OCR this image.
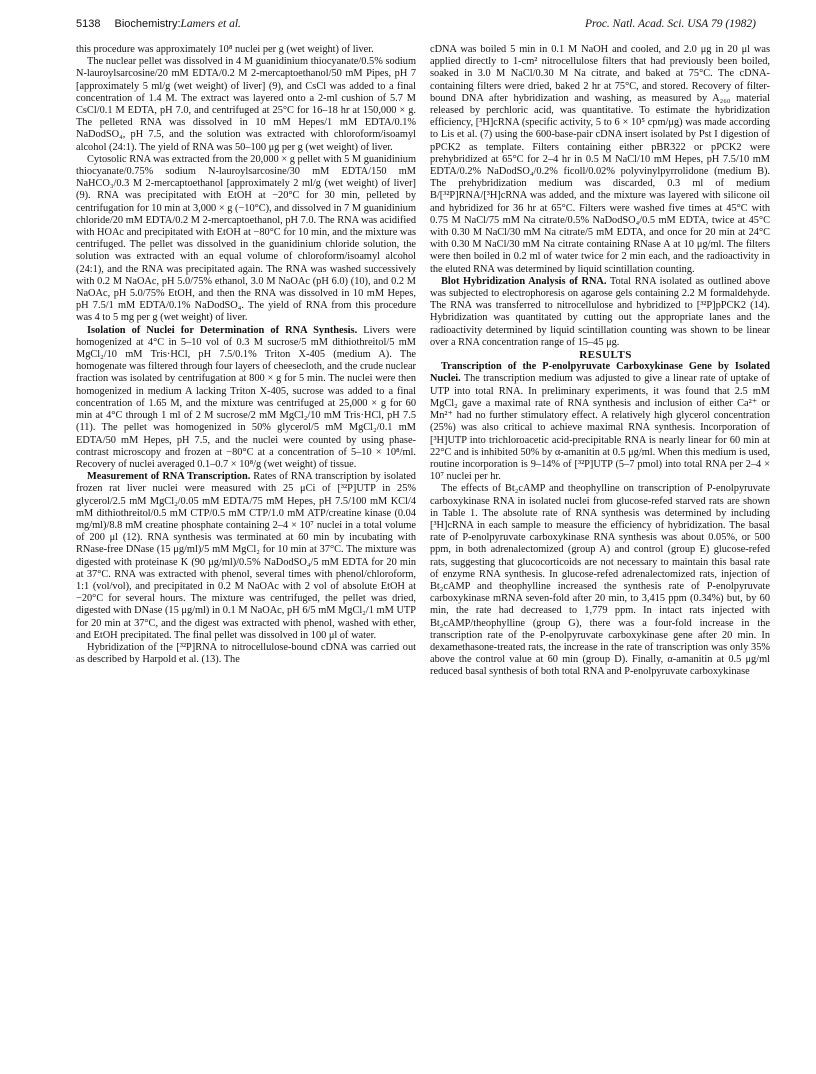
5138 Biochemistry: Lamers et al.	Proc. Natl. Acad. Sci. USA 79 (1982)

this procedure was approximately 10⁸ nuclei per g (wet weight) of liver.

The nuclear pellet was dissolved in 4 M guanidinium thiocyanate/0.5% sodium N-lauroylsarcosine/20 mM EDTA/0.2 M 2-mercaptoethanol/50 mM Pipes, pH 7 [approximately 5 ml/g (wet weight) of liver] (9), and CsCl was added to a final concentration of 1.4 M. The extract was layered onto a 2-ml cushion of 5.7 M CsCl/0.1 M EDTA, pH 7.0, and centrifuged at 25°C for 16–18 hr at 150,000 × g. The pelleted RNA was dissolved in 10 mM Hepes/1 mM EDTA/0.1% NaDodSO₄, pH 7.5, and the solution was extracted with chloroform/isoamyl alcohol (24:1). The yield of RNA was 50–100 μg per g (wet weight) of liver.

Cytosolic RNA was extracted from the 20,000 × g pellet with 5 M guanidinium thiocyanate/0.75% sodium N-lauroylsarcosine/30 mM EDTA/150 mM NaHCO₃/0.3 M 2-mercaptoethanol [approximately 2 ml/g (wet weight) of liver] (9). RNA was precipitated with EtOH at −20°C for 30 min, pelleted by centrifugation for 10 min at 3,000 × g (−10°C), and dissolved in 7 M guanidinium chloride/20 mM EDTA/0.2 M 2-mercaptoethanol, pH 7.0. The RNA was acidified with HOAc and precipitated with EtOH at −80°C for 10 min, and the mixture was centrifuged. The pellet was dissolved in the guanidinium chloride solution, the solution was extracted with an equal volume of chloroform/isoamyl alcohol (24:1), and the RNA was precipitated again. The RNA was washed successively with 0.2 M NaOAc, pH 5.0/75% ethanol, 3.0 M NaOAc (pH 6.0) (10), and 0.2 M NaOAc, pH 5.0/75% EtOH, and then the RNA was dissolved in 10 mM Hepes, pH 7.5/1 mM EDTA/0.1% NaDodSO₄. The yield of RNA from this procedure was 4 to 5 mg per g (wet weight) of liver.

Isolation of Nuclei for Determination of RNA Synthesis. Livers were homogenized at 4°C in 5–10 vol of 0.3 M sucrose/5 mM dithiothreitol/5 mM MgCl₂/10 mM Tris·HCl, pH 7.5/0.1% Triton X-405 (medium A). The homogenate was filtered through four layers of cheesecloth, and the crude nuclear fraction was isolated by centrifugation at 800 × g for 5 min. The nuclei were then homogenized in medium A lacking Triton X-405, sucrose was added to a final concentration of 1.65 M, and the mixture was centrifuged at 25,000 × g for 60 min at 4°C through 1 ml of 2 M sucrose/2 mM MgCl₂/10 mM Tris·HCl, pH 7.5 (11). The pellet was homogenized in 50% glycerol/5 mM MgCl₂/0.1 mM EDTA/50 mM Hepes, pH 7.5, and the nuclei were counted by using phase-contrast microscopy and frozen at −80°C at a concentration of 5–10 × 10⁸/ml. Recovery of nuclei averaged 0.1–0.7 × 10⁸/g (wet weight) of tissue.

Measurement of RNA Transcription. Rates of RNA transcription by isolated frozen rat liver nuclei were measured with 25 μCi of [³²P]UTP in 25% glycerol/2.5 mM MgCl₂/0.05 mM EDTA/75 mM Hepes, pH 7.5/100 mM KCl/4 mM dithiothreitol/0.5 mM CTP/0.5 mM CTP/1.0 mM ATP/creatine kinase (0.04 mg/ml)/8.8 mM creatine phosphate containing 2–4 × 10⁷ nuclei in a total volume of 200 μl (12). RNA synthesis was terminated at 60 min by incubating with RNase-free DNase (15 μg/ml)/5 mM MgCl₂ for 10 min at 37°C. The mixture was digested with proteinase K (90 μg/ml)/0.5% NaDodSO₄/5 mM EDTA for 20 min at 37°C. RNA was extracted with phenol, several times with phenol/chloroform, 1:1 (vol/vol), and precipitated in 0.2 M NaOAc with 2 vol of absolute EtOH at −20°C for several hours. The mixture was centrifuged, the pellet was dried, digested with DNase (15 μg/ml) in 0.1 M NaOAc, pH 6/5 mM MgCl₂/1 mM UTP for 20 min at 37°C, and the digest was extracted with phenol, washed with ether, and EtOH precipitated. The final pellet was dissolved in 100 μl of water.

Hybridization of the [³²P]RNA to nitrocellulose-bound cDNA was carried out as described by Harpold et al. (13). The

cDNA was boiled 5 min in 0.1 M NaOH and cooled, and 2.0 μg in 20 μl was applied directly to 1-cm² nitrocellulose filters that had previously been boiled, soaked in 3.0 M NaCl/0.30 M Na citrate, and baked at 75°C. The cDNA-containing filters were dried, baked 2 hr at 75°C, and stored. Recovery of filter-bound DNA after hybridization and washing, as measured by A₂₆₀ material released by perchloric acid, was quantitative. To estimate the hybridization efficiency, [³H]cRNA (specific activity, 5 to 6 × 10⁵ cpm/μg) was made according to Lis et al. (7) using the 600-base-pair cDNA insert isolated by Pst I digestion of pPCK2 as template. Filters containing either pBR322 or pPCK2 were prehybridized at 65°C for 2–4 hr in 0.5 M NaCl/10 mM Hepes, pH 7.5/10 mM EDTA/0.2% NaDodSO₄/0.2% ficoll/0.02% polyvinylpyrrolidone (medium B). The prehybridization medium was discarded, 0.3 ml of medium B/[³²P]RNA/[³H]cRNA was added, and the mixture was layered with silicone oil and hybridized for 36 hr at 65°C. Filters were washed five times at 45°C with 0.75 M NaCl/75 mM Na citrate/0.5% NaDodSO₄/0.5 mM EDTA, twice at 45°C with 0.30 M NaCl/30 mM Na citrate/5 mM EDTA, and once for 20 min at 24°C with 0.30 M NaCl/30 mM Na citrate containing RNase A at 10 μg/ml. The filters were then boiled in 0.2 ml of water twice for 2 min each, and the radioactivity in the eluted RNA was determined by liquid scintillation counting.

Blot Hybridization Analysis of RNA. Total RNA isolated as outlined above was subjected to electrophoresis on agarose gels containing 2.2 M formaldehyde. The RNA was transferred to nitrocellulose and hybridized to [³²P]pPCK2 (14). Hybridization was quantitated by cutting out the appropriate lanes and the radioactivity determined by liquid scintillation counting was shown to be linear over a RNA concentration range of 15–45 μg.

RESULTS

Transcription of the P-enolpyruvate Carboxykinase Gene by Isolated Nuclei. The transcription medium was adjusted to give a linear rate of uptake of UTP into total RNA. In preliminary experiments, it was found that 2.5 mM MgCl₂ gave a maximal rate of RNA synthesis and inclusion of either Ca²⁺ or Mn²⁺ had no further stimulatory effect. A relatively high glycerol concentration (25%) was also critical to achieve maximal RNA synthesis. Incorporation of [³H]UTP into trichloroacetic acid-precipitable RNA is nearly linear for 60 min at 22°C and is inhibited 50% by α-amanitin at 0.5 μg/ml. When this medium is used, routine incorporation is 9–14% of [³²P]UTP (5–7 pmol) into total RNA per 2–4 × 10⁷ nuclei per hr.

The effects of Bt₂cAMP and theophylline on transcription of P-enolpyruvate carboxykinase RNA in isolated nuclei from glucose-refed starved rats are shown in Table 1. The absolute rate of RNA synthesis was determined by including [³H]cRNA in each sample to measure the efficiency of hybridization. The basal rate of P-enolpyruvate carboxykinase RNA synthesis was about 0.05%, or 500 ppm, in both adrenalectomized (group A) and control (group E) glucose-refed rats, suggesting that glucocorticoids are not necessary to maintain this basal rate of enzyme RNA synthesis. In glucose-refed adrenalectomized rats, injection of Bt₂cAMP and theophylline increased the synthesis rate of P-enolpyruvate carboxykinase mRNA seven-fold after 20 min, to 3,415 ppm (0.34%) but, by 60 min, the rate had decreased to 1,779 ppm. In intact rats injected with Bt₂cAMP/theophylline (group G), there was a four-fold increase in the transcription rate of the P-enolpyruvate carboxykinase gene after 20 min. In dexamethasone-treated rats, the increase in the rate of transcription was only 35% above the control value at 60 min (group D). Finally, α-amanitin at 0.5 μg/ml reduced basal synthesis of both total RNA and P-enolpyruvate carboxykinase
